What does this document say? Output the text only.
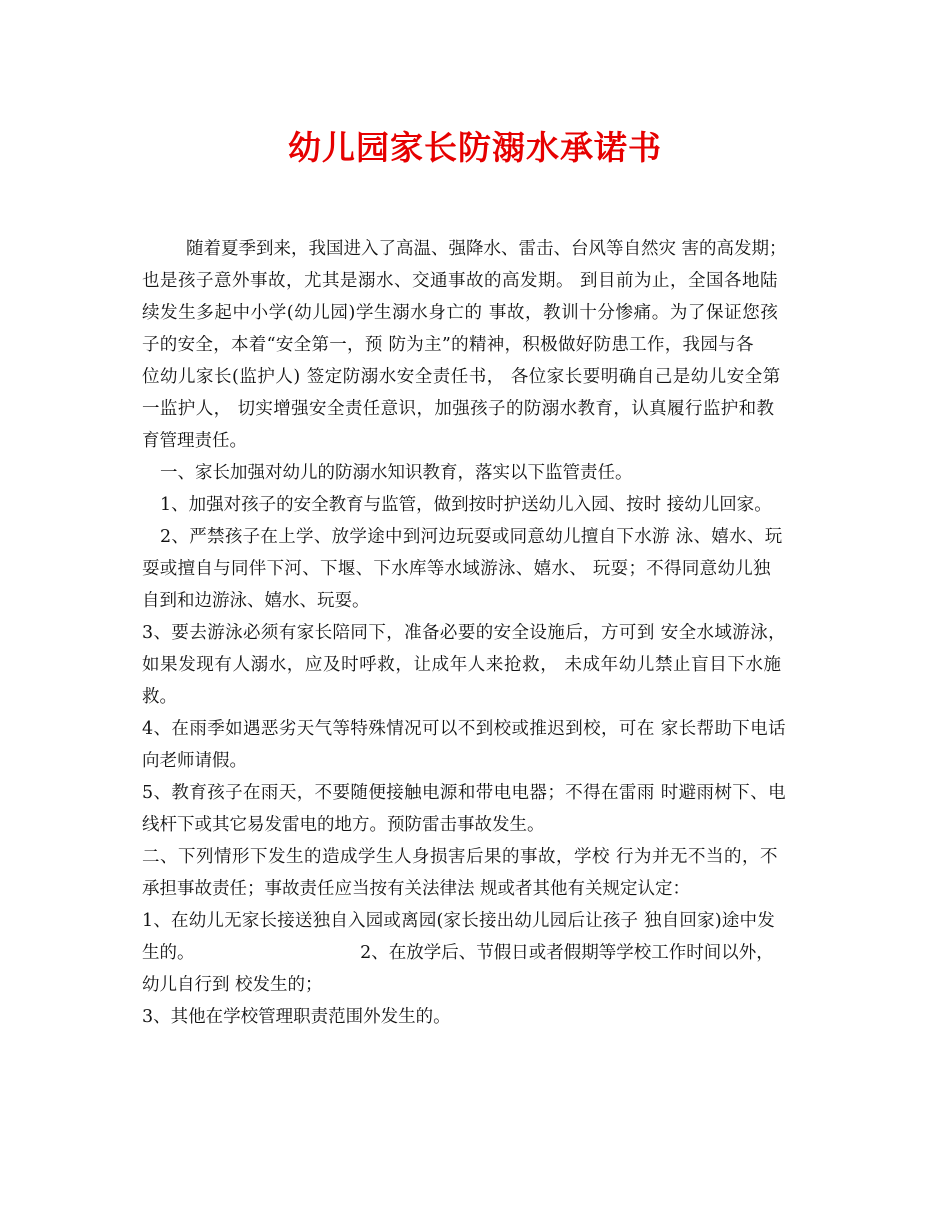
幼儿园家长防溺水承诺书
随着夏季到来，我国进入了高温、强降水、雷击、台风等自然灾 害的高发期；
也是孩子意外事故，尤其是溺水、交通事故的高发期。 到目前为止，全国各地陆
续发生多起中小学(幼儿园)学生溺水身亡的 事故，教训十分惨痛。为了保证您孩
子的安全，本着“安全第一，预 防为主”的精神，积极做好防患工作，我园与各
位幼儿家长(监护人) 签定防溺水安全责任书， 各位家长要明确自己是幼儿安全第
一监护人， 切实增强安全责任意识，加强孩子的防溺水教育，认真履行监护和教
育管理责任。
一、家长加强对幼儿的防溺水知识教育，落实以下监管责任。
1、加强对孩子的安全教育与监管，做到按时护送幼儿入园、按时 接幼儿回家。
2、严禁孩子在上学、放学途中到河边玩耍或同意幼儿擅自下水游 泳、嬉水、玩
耍或擅自与同伴下河、下堰、下水库等水域游泳、嬉水、 玩耍；不得同意幼儿独
自到和边游泳、嬉水、玩耍。
3、要去游泳必须有家长陪同下，准备必要的安全设施后，方可到 安全水域游泳，
如果发现有人溺水，应及时呼救，让成年人来抢救， 未成年幼儿禁止盲目下水施
救。
4、在雨季如遇恶劣天气等特殊情况可以不到校或推迟到校，可在 家长帮助下电话
向老师请假。
5、教育孩子在雨天，不要随便接触电源和带电电器；不得在雷雨 时避雨树下、电
线杆下或其它易发雷电的地方。预防雷击事故发生。
二、下列情形下发生的造成学生人身损害后果的事故，学校 行为并无不当的，不
承担事故责任；事故责任应当按有关法律法 规或者其他有关规定认定：
1、在幼儿无家长接送独自入园或离园(家长接出幼儿园后让孩子 独自回家)途中发
生的。 2、在放学后、节假日或者假期等学校工作时间以外，
幼儿自行到 校发生的；
3、其他在学校管理职责范围外发生的。
